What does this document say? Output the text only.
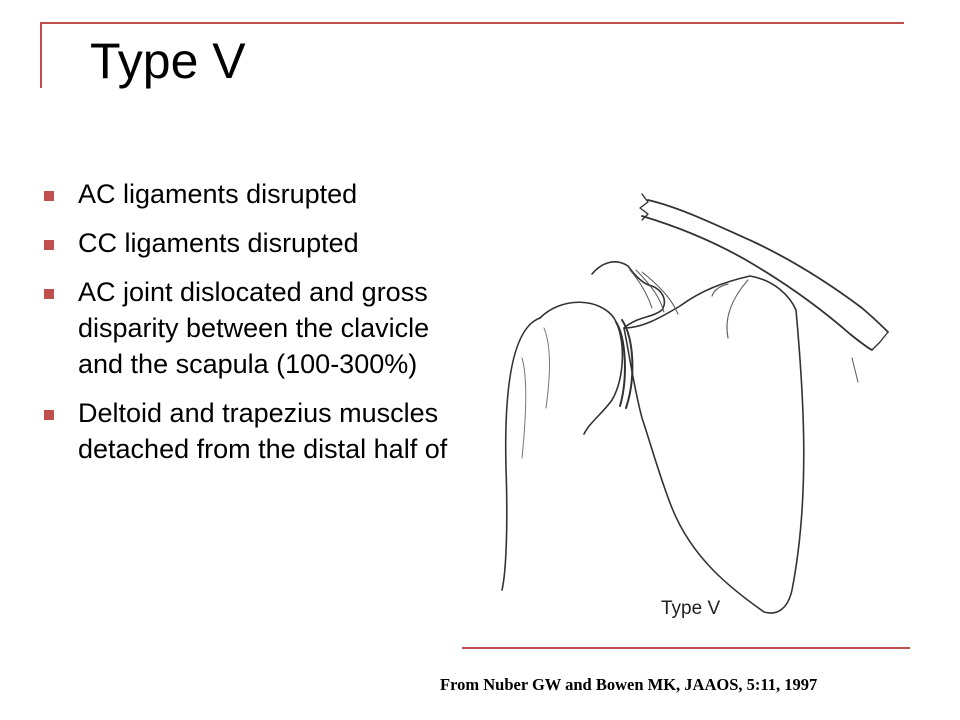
Type V
AC ligaments disrupted
CC ligaments disrupted
AC joint dislocated and gross disparity between the clavicle and the scapula (100-300%)
Deltoid and trapezius muscles detached from the distal half of

Type V

From Nuber GW and Bowen MK, JAAOS, 5:11, 1997
